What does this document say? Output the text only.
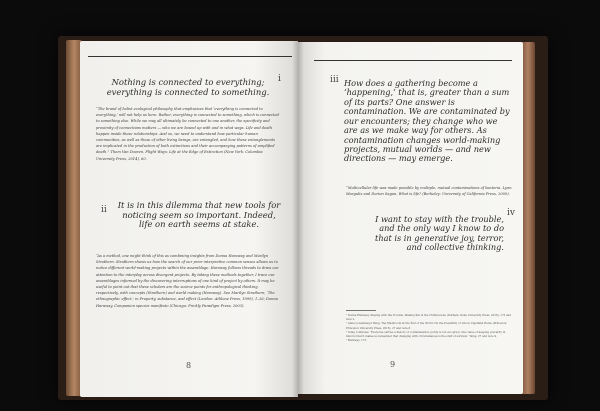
i
Nothing is connected to everything; everything is connected to something.
“The brand of holist ecological philosophy that emphasizes that ‘everything is connected to everything,’ will not help us here. Rather, everything is connected to something, which is connected to something else. While we may all ultimately be connected to one another, the specificity and proximity of connections matters — who we are bound up with and in what ways. Life and death happen inside these relationships. And so, we need to understand how particular human communities, as well as those of other living beings, are entangled, and how these entanglements are implicated in the production of both extinctions and their accompanying patterns of amplified death.” Thom Van Dooren, Flight Ways: Life at the Edge of Extinction (New York: Columbia University Press, 2014), 60.
ii It is in this dilemma that new tools for noticing seem so important. Indeed, life on earth seems at stake.
“As a method, one might think of this as combining insights from Donna Haraway and Marilyn Strathern. Strathern shows us how the search of our prior interpretive common senses allows us to notice different world-making projects within the assemblage. Haraway follows threads to draw our attention to the interplay across divergent projects. By taking these methods together, I trace our assemblages informed by the discovering interruptions of one kind of project by others. It may be useful to point out that these scholars are the source points for anthropological thinking, respectively, with concepts (Strathern) and world making (Haraway). See Marilyn Strathern, ‘The ethnographic effect,’ in Property, substance, and effect (London: Athlone Press, 1999), 1–26; Donna Haraway, Companion species manifesto (Chicago: Prickly Paradigm Press, 2003).
8
iii How does a gathering become a ‘happening,’ that is, greater than a sum of its parts? One answer is contamination. We are contaminated by our encounters; they change who we are as we make way for others. As contamination changes world-making projects, mutual worlds — and new directions — may emerge.
“Multicellular life was made possible by multiple, mutual contaminations of bacteria. Lynn Margulis and Dorion Sagan, What is life? (Berkeley: University of California Press, 2000).
I want to stay with the trouble, and the only way I know to do that is in generative joy, terror, and collective thinking.
iv
¹ Donna Haraway, Staying with the Trouble: Making Kin in the Chthulucene (Durham: Duke University Press, 2016), 173 and note 2.
² Anna Lowenhaupt Tsing, The Mushroom at the End of the World: On the Possibility of Life in Capitalist Ruins (Princeton: Princeton University Press, 2015), 27 and note 8.
³ Tsing continues: ‘Everyone carries a history of contamination; purity is not an option. One value of keeping precarity in mind is that it makes us remember that changing with circumstances is the stuff of survival.’ Tsing, 27 and note 9.
⁴ Haraway, 173.
9
